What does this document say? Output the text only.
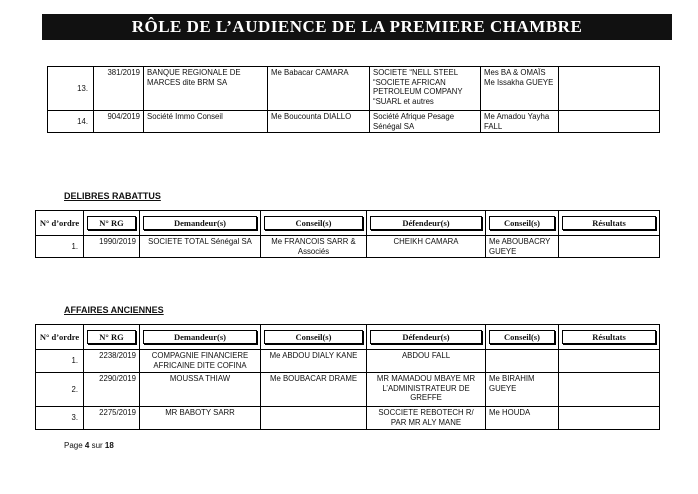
RÔLE DE L’AUDIENCE DE LA PREMIERE CHAMBRE
13.	381/2019	BANQUE REGIONALE DE MARCES dite BRM SA	Me Babacar CAMARA	SOCIETE “NELL STEEL “SOCIETE AFRICAN PETROLEUM COMPANY “SUARL et autres	Mes BA & OMAÏS Me Issakha GUEYE	
14.	904/2019	Société Immo Conseil	Me Boucounta DIALLO	Société Afrique Pesage Sénégal SA	Me Amadou Yayha FALL	
DELIBRES RABATTUS
N° d’ordre	N° RG	Demandeur(s)	Conseil(s)	Défendeur(s)	Conseil(s)	Résultats

1.	1990/2019	SOCIETE TOTAL Sénégal SA	Me FRANCOIS SARR & Associés	CHEIKH CAMARA	Me ABOUBACRY GUEYE	
AFFAIRES ANCIENNES
N° d’ordre	N° RG	Demandeur(s)	Conseil(s)	Défendeur(s)	Conseil(s)	Résultats

1.	2238/2019	COMPAGNIE FINANCIERE AFRICAINE DITE COFINA	Me ABDOU DIALY KANE	ABDOU FALL		
2.	2290/2019	MOUSSA THIAW	Me BOUBACAR DRAME	MR MAMADOU MBAYE MR L’ADMINISTRATEUR DE GREFFE	Me BIRAHIM GUEYE	
3.	2275/2019	MR BABOTY SARR		SOCCIETE REBOTECH R/ PAR MR ALY MANE	Me HOUDA	
Page 4 sur 18
